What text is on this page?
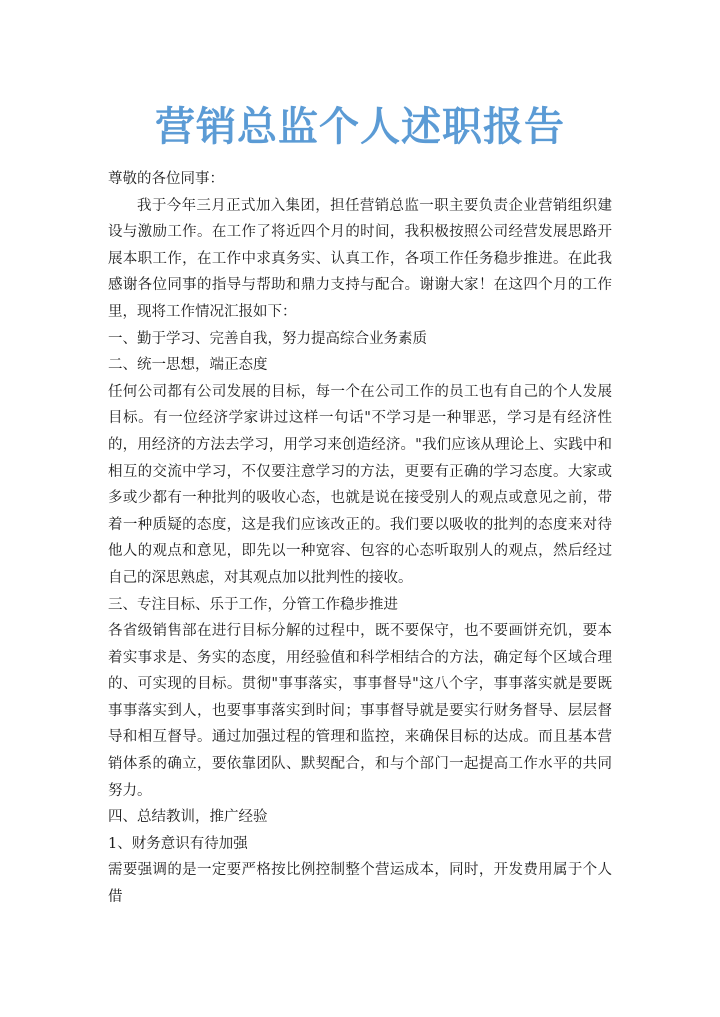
营销总监个人述职报告

尊敬的各位同事：

我于今年三月正式加入集团，担任营销总监一职主要负责企业营销组织建设与激励工作。在工作了将近四个月的时间，我积极按照公司经营发展思路开展本职工作，在工作中求真务实、认真工作，各项工作任务稳步推进。在此我感谢各位同事的指导与帮助和鼎力支持与配合。谢谢大家！在这四个月的工作里，现将工作情况汇报如下：

一、勤于学习、完善自我，努力提高综合业务素质

二、统一思想，端正态度

任何公司都有公司发展的目标，每一个在公司工作的员工也有自己的个人发展目标。有一位经济学家讲过这样一句话"不学习是一种罪恶，学习是有经济性的，用经济的方法去学习，用学习来创造经济。"我们应该从理论上、实践中和相互的交流中学习，不仅要注意学习的方法，更要有正确的学习态度。大家或多或少都有一种批判的吸收心态，也就是说在接受别人的观点或意见之前，带着一种质疑的态度，这是我们应该改正的。我们要以吸收的批判的态度来对待他人的观点和意见，即先以一种宽容、包容的心态听取别人的观点，然后经过自己的深思熟虑，对其观点加以批判性的接收。

三、专注目标、乐于工作，分管工作稳步推进

各省级销售部在进行目标分解的过程中，既不要保守，也不要画饼充饥，要本着实事求是、务实的态度，用经验值和科学相结合的方法，确定每个区域合理的、可实现的目标。贯彻"事事落实，事事督导"这八个字，事事落实就是要既事事落实到人，也要事事落实到时间；事事督导就是要实行财务督导、层层督导和相互督导。通过加强过程的管理和监控，来确保目标的达成。而且基本营销体系的确立，要依靠团队、默契配合，和与个部门一起提高工作水平的共同努力。

四、总结教训，推广经验

1、财务意识有待加强

需要强调的是一定要严格按比例控制整个营运成本，同时，开发费用属于个人借
